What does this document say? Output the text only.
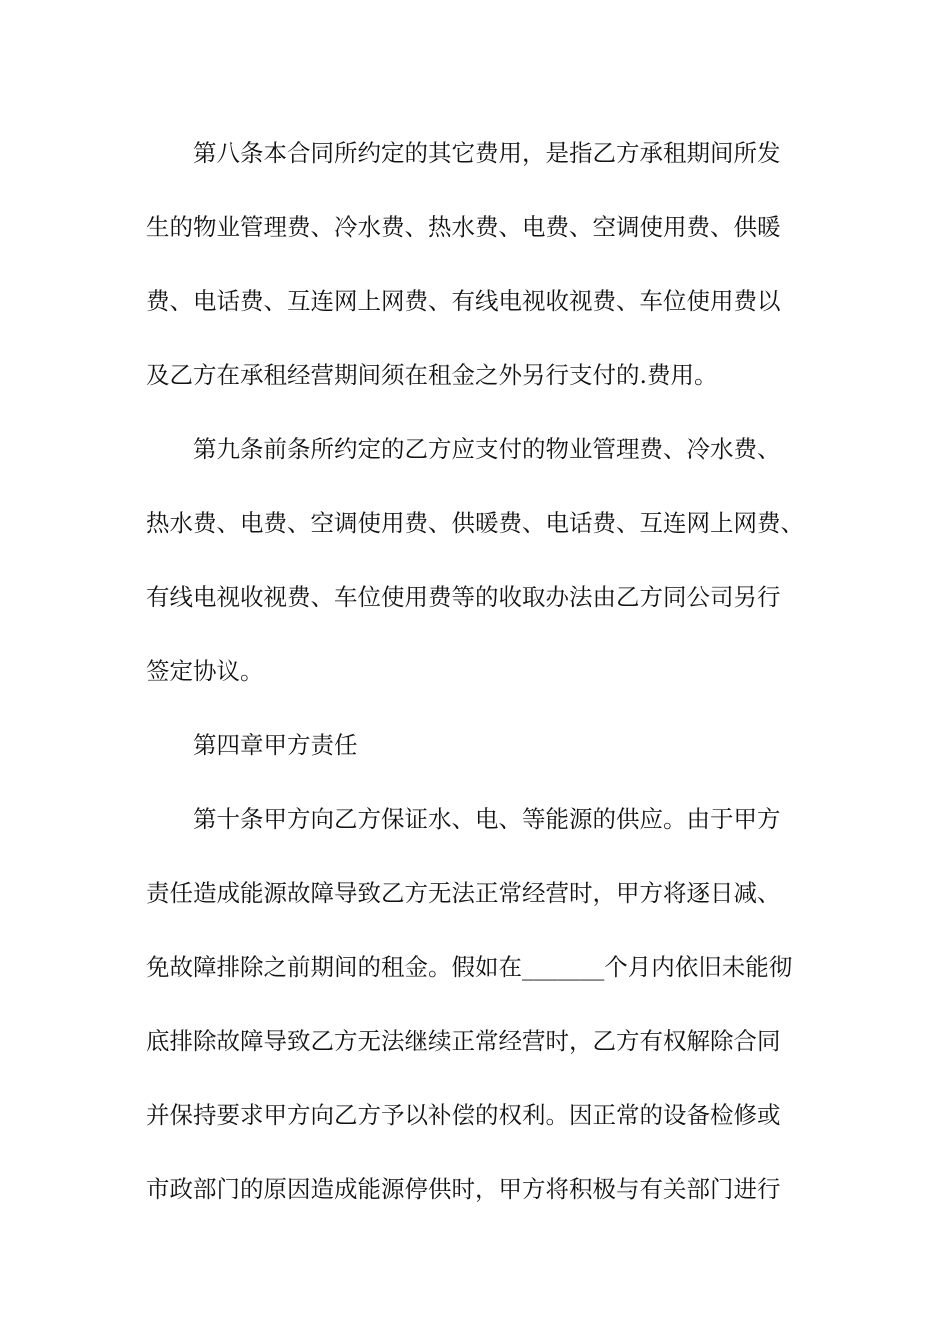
第八条本合同所约定的其它费用，是指乙方承租期间所发

生的物业管理费、冷水费、热水费、电费、空调使用费、供暖

费、电话费、互连网上网费、有线电视收视费、车位使用费以

及乙方在承租经营期间须在租金之外另行支付的.费用。

第九条前条所约定的乙方应支付的物业管理费、冷水费、

热水费、电费、空调使用费、供暖费、电话费、互连网上网费、

有线电视收视费、车位使用费等的收取办法由乙方同公司另行

签定协议。

第四章甲方责任

第十条甲方向乙方保证水、电、等能源的供应。由于甲方

责任造成能源故障导致乙方无法正常经营时，甲方将逐日减、

免故障排除之前期间的租金。假如在_______个月内依旧未能彻

底排除故障导致乙方无法继续正常经营时，乙方有权解除合同

并保持要求甲方向乙方予以补偿的权利。因正常的设备检修或

市政部门的原因造成能源停供时，甲方将积极与有关部门进行
